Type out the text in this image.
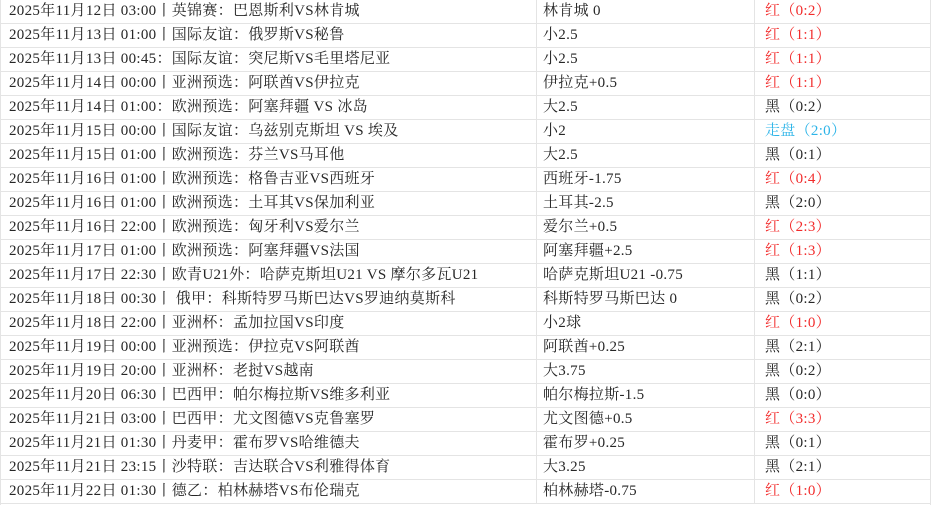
2025年11月12日 03:00丨英锦赛：巴恩斯利VS林肯城	林肯城 0	红（0:2）
2025年11月13日 01:00丨国际友谊：俄罗斯VS秘鲁	小2.5	红（1:1）
2025年11月13日 00:45：国际友谊：突尼斯VS毛里塔尼亚	小2.5	红（1:1）
2025年11月14日 00:00丨亚洲预选：阿联酋VS伊拉克	伊拉克+0.5	红（1:1）
2025年11月14日 01:00：欧洲预选：阿塞拜疆 VS 冰岛	大2.5	黑（0:2）
2025年11月15日 00:00丨国际友谊：乌兹别克斯坦 VS 埃及	小2	走盘（2:0）
2025年11月15日 01:00丨欧洲预选：芬兰VS马耳他	大2.5	黑（0:1）
2025年11月16日 01:00丨欧洲预选：格鲁吉亚VS西班牙	西班牙-1.75	红（0:4）
2025年11月16日 01:00丨欧洲预选：土耳其VS保加利亚	土耳其-2.5	黑（2:0）
2025年11月16日 22:00丨欧洲预选：匈牙利VS爱尔兰	爱尔兰+0.5	红（2:3）
2025年11月17日 01:00丨欧洲预选：阿塞拜疆VS法国	阿塞拜疆+2.5	红（1:3）
2025年11月17日 22:30丨欧青U21外：哈萨克斯坦U21 VS 摩尔多瓦U21	哈萨克斯坦U21 -0.75	黑（1:1）
2025年11月18日 00:30丨 俄甲：科斯特罗马斯巴达VS罗迪纳莫斯科	科斯特罗马斯巴达 0	黑（0:2）
2025年11月18日 22:00丨亚洲杯：孟加拉国VS印度	小2球	红（1:0）
2025年11月19日 00:00丨亚洲预选：伊拉克VS阿联酋	阿联酋+0.25	黑（2:1）
2025年11月19日 20:00丨亚洲杯：老挝VS越南	大3.75	黑（0:2）
2025年11月20日 06:30丨巴西甲：帕尔梅拉斯VS维多利亚	帕尔梅拉斯-1.5	黑（0:0）
2025年11月21日 03:00丨巴西甲：尤文图德VS克鲁塞罗	尤文图德+0.5	红（3:3）
2025年11月21日 01:30丨丹麦甲：霍布罗VS哈维德夫	霍布罗+0.25	黑（0:1）
2025年11月21日 23:15丨沙特联：吉达联合VS利雅得体育	大3.25	黑（2:1）
2025年11月22日 01:30丨德乙：柏林赫塔VS布伦瑞克	柏林赫塔-0.75	红（1:0）
